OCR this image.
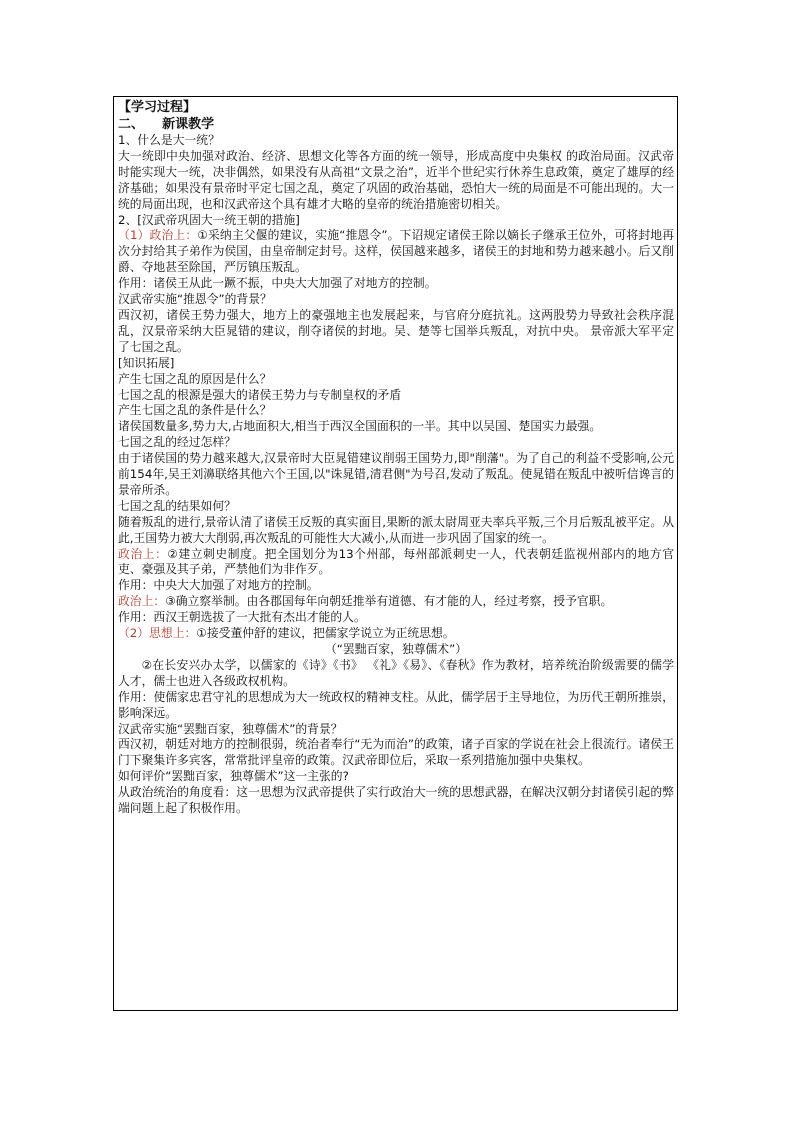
【学习过程】

二、    新课教学

1、什么是大一统？

大一统即中央加强对政治、经济、思想文化等各方面的统一领导，形成高度中央集权 的政治局面。汉武帝时能实现大一统，决非偶然，如果没有从高祖“文景之治”，近半个世纪实行休养生息政策，奠定了雄厚的经济基础；如果没有景帝时平定七国之乱，奠定了巩固的政治基础，恐怕大一统的局面是不可能出现的。大一统的局面出现，也和汉武帝这个具有雄才大略的皇帝的统治措施密切相关。

2、[汉武帝巩固大一统王朝的措施]

（1）政治上：①采纳主父偃的建议，实施“推恩令”。下诏规定诸侯王除以嫡长子继承王位外，可将封地再次分封给其子弟作为侯国，由皇帝制定封号。这样，侯国越来越多，诸侯王的封地和势力越来越小。后又削爵、夺地甚至除国，严厉镇压叛乱。

作用：诸侯王从此一蹶不振，中央大大加强了对地方的控制。

汉武帝实施“推恩令”的背景？

西汉初，诸侯王势力强大，地方上的豪强地主也发展起来，与官府分庭抗礼。这两股势力导致社会秩序混乱，汉景帝采纳大臣晁错的建议，削夺诸侯的封地。吴、楚等七国举兵叛乱，对抗中央。 景帝派大军平定了七国之乱。

[知识拓展]

产生七国之乱的原因是什么？

七国之乱的根源是强大的诸侯王势力与专制皇权的矛盾

产生七国之乱的条件是什么？

诸侯国数量多,势力大,占地面积大,相当于西汉全国面积的一半。其中以吴国、楚国实力最强。

七国之乱的经过怎样？

由于诸侯国的势力越来越大,汉景帝时大臣晁错建议削弱王国势力,即"削藩"。为了自己的利益不受影响,公元前154年,吴王刘濞联络其他六个王国,以"诛晁错,清君侧"为号召,发动了叛乱。使晁错在叛乱中被听信谗言的景帝所杀。

七国之乱的结果如何？

随着叛乱的进行,景帝认清了诸侯王反叛的真实面目,果断的派太尉周亚夫率兵平叛,三个月后叛乱被平定。从此,王国势力被大大削弱,再次叛乱的可能性大大减小,从而进一步巩固了国家的统一。

政治上：②建立刺史制度。把全国划分为13个州部，每州部派刺史一人，代表朝廷监视州部内的地方官吏、豪强及其子弟，严禁他们为非作歹。

作用：中央大大加强了对地方的控制。

政治上：③确立察举制。由各郡国每年向朝廷推举有道德、有才能的人，经过考察，授予官职。

作用：西汉王朝选拔了一大批有杰出才能的人。

（2）思想上：①接受董仲舒的建议，把儒家学说立为正统思想。

（“罢黜百家，独尊儒术”）

②在长安兴办太学，以儒家的《诗》《书》 《礼》《易》、《春秋》作为教材，培养统治阶级需要的儒学人才，儒士也进入各级政权机构。

作用：使儒家忠君守礼的思想成为大一统政权的精神支柱。从此，儒学居于主导地位，为历代王朝所推崇，影响深远。

汉武帝实施“罢黜百家，独尊儒术”的背景？

西汉初，朝廷对地方的控制很弱，统治者奉行“无为而治”的政策，诸子百家的学说在社会上很流行。诸侯王门下聚集许多宾客，常常批评皇帝的政策。汉武帝即位后，采取一系列措施加强中央集权。

如何评价“罢黜百家，独尊儒术”这一主张的?

从政治统治的角度看：这一思想为汉武帝提供了实行政治大一统的思想武器，在解决汉朝分封诸侯引起的弊端问题上起了积极作用。
